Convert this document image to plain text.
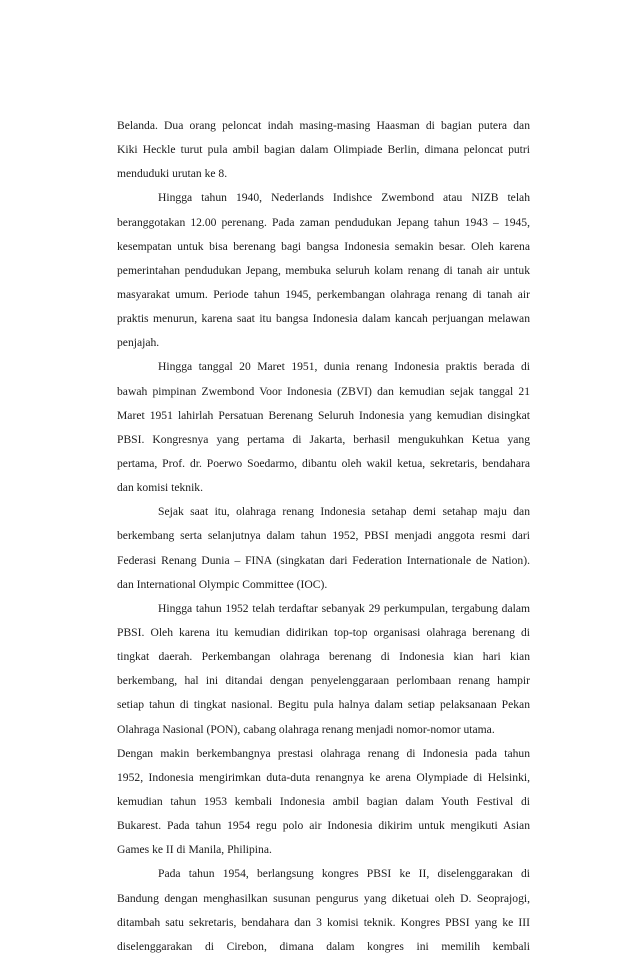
Belanda. Dua orang peloncat indah masing-masing Haasman di bagian putera dan
Kiki Heckle turut pula ambil bagian dalam Olimpiade Berlin, dimana peloncat putri
menduduki urutan ke 8.
Hingga tahun 1940, Nederlands Indishce Zwembond atau NIZB telah
beranggotakan 12.00 perenang. Pada zaman pendudukan Jepang tahun 1943 – 1945,
kesempatan untuk bisa berenang bagi bangsa Indonesia semakin besar. Oleh karena
pemerintahan pendudukan Jepang, membuka seluruh kolam renang di tanah air untuk
masyarakat umum. Periode tahun 1945, perkembangan olahraga renang di tanah air
praktis menurun, karena saat itu bangsa Indonesia dalam kancah perjuangan melawan
penjajah.
Hingga tanggal 20 Maret 1951, dunia renang Indonesia praktis berada di
bawah pimpinan Zwembond Voor Indonesia (ZBVI) dan kemudian sejak tanggal 21
Maret 1951 lahirlah Persatuan Berenang Seluruh Indonesia yang kemudian disingkat
PBSI. Kongresnya yang pertama di Jakarta, berhasil mengukuhkan Ketua yang
pertama, Prof. dr. Poerwo Soedarmo, dibantu oleh wakil ketua, sekretaris, bendahara
dan komisi teknik.
Sejak saat itu, olahraga renang Indonesia setahap demi setahap maju dan
berkembang serta selanjutnya dalam tahun 1952, PBSI menjadi anggota resmi dari
Federasi Renang Dunia – FINA (singkatan dari Federation Internationale de Nation).
dan International Olympic Committee (IOC).
Hingga tahun 1952 telah terdaftar sebanyak 29 perkumpulan, tergabung dalam
PBSI. Oleh karena itu kemudian didirikan top-top organisasi olahraga berenang di
tingkat daerah. Perkembangan olahraga berenang di Indonesia kian hari kian
berkembang, hal ini ditandai dengan penyelenggaraan perlombaan renang hampir
setiap tahun di tingkat nasional. Begitu pula halnya dalam setiap pelaksanaan Pekan
Olahraga Nasional (PON), cabang olahraga renang menjadi nomor-nomor utama.
Dengan makin berkembangnya prestasi olahraga renang di Indonesia pada tahun
1952, Indonesia mengirimkan duta-duta renangnya ke arena Olympiade di Helsinki,
kemudian tahun 1953 kembali Indonesia ambil bagian dalam Youth Festival di
Bukarest. Pada tahun 1954 regu polo air Indonesia dikirim untuk mengikuti Asian
Games ke II di Manila, Philipina.
Pada tahun 1954, berlangsung kongres PBSI ke II, diselenggarakan di
Bandung dengan menghasilkan susunan pengurus yang diketuai oleh D. Seoprajogi,
ditambah satu sekretaris, bendahara dan 3 komisi teknik. Kongres PBSI yang ke III
diselenggarakan di Cirebon, dimana dalam kongres ini memilih kembali
